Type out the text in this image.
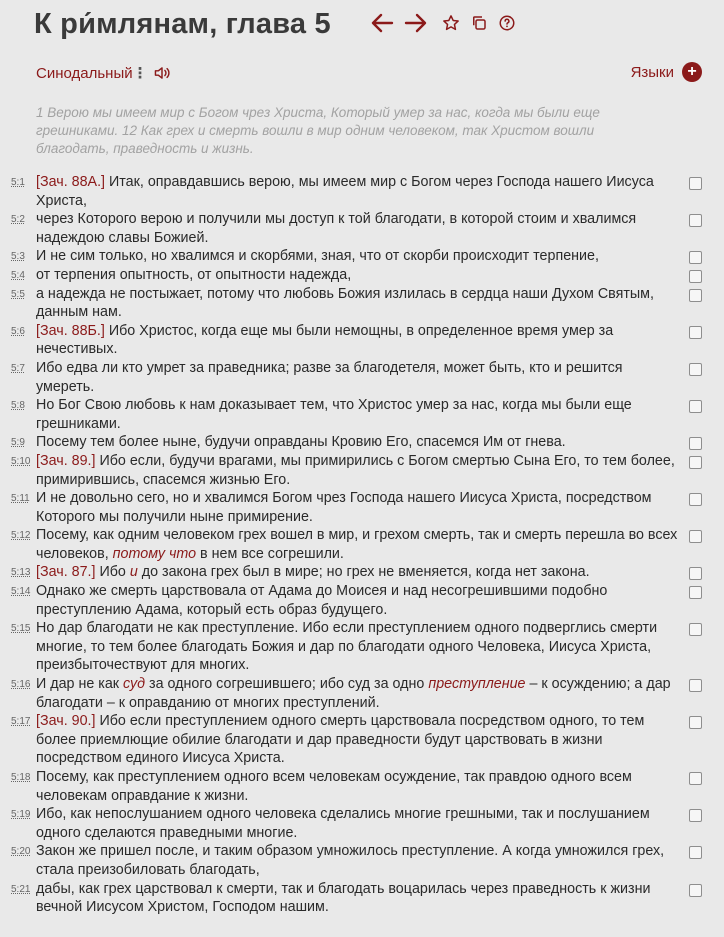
К ри́млянам, глава 5
Синодальный ⋮	Языки +
1 Верою мы имеем мир с Богом чрез Христа, Который умер за нас, когда мы были еще грешниками. 12 Как грех и смерть вошли в мир одним человеком, так Христом вошли благодать, праведность и жизнь.
5:1 [Зач. 88А.] Итак, оправдавшись верою, мы имеем мир с Богом через Господа нашего Иисуса Христа,
5:2 через Которого верою и получили мы доступ к той благодати, в которой стоим и хвалимся надеждою славы Божией.
5:3 И не сим только, но хвалимся и скорбями, зная, что от скорби происходит терпение,
5:4 от терпения опытность, от опытности надежда,
5:5 а надежда не постыжает, потому что любовь Божия излилась в сердца наши Духом Святым, данным нам.
5:6 [Зач. 88Б.] Ибо Христос, когда еще мы были немощны, в определенное время умер за нечестивых.
5:7 Ибо едва ли кто умрет за праведника; разве за благодетеля, может быть, кто и решится умереть.
5:8 Но Бог Свою любовь к нам доказывает тем, что Христос умер за нас, когда мы были еще грешниками.
5:9 Посему тем более ныне, будучи оправданы Кровию Его, спасемся Им от гнева.
5:10 [Зач. 89.] Ибо если, будучи врагами, мы примирились с Богом смертью Сына Его, то тем более, примирившись, спасемся жизнью Его.
5:11 И не довольно сего, но и хвалимся Богом чрез Господа нашего Иисуса Христа, посредством Которого мы получили ныне примирение.
5:12 Посему, как одним человеком грех вошел в мир, и грехом смерть, так и смерть перешла во всех человеков, потому что в нем все согрешили.
5:13 [Зач. 87.] Ибо и до закона грех был в мире; но грех не вменяется, когда нет закона.
5:14 Однако же смерть царствовала от Адама до Моисея и над несогрешившими подобно преступлению Адама, который есть образ будущего.
5:15 Но дар благодати не как преступление. Ибо если преступлением одного подверглись смерти многие, то тем более благодать Божия и дар по благодати одного Человека, Иисуса Христа, преизбыточествуют для многих.
5:16 И дар не как суд за одного согрешившего; ибо суд за одно преступление – к осуждению; а дар благодати – к оправданию от многих преступлений.
5:17 [Зач. 90.] Ибо если преступлением одного смерть царствовала посредством одного, то тем более приемлющие обилие благодати и дар праведности будут царствовать в жизни посредством единого Иисуса Христа.
5:18 Посему, как преступлением одного всем человекам осуждение, так правдою одного всем человекам оправдание к жизни.
5:19 Ибо, как непослушанием одного человека сделались многие грешными, так и послушанием одного сделаются праведными многие.
5:20 Закон же пришел после, и таким образом умножилось преступление. А когда умножился грех, стала преизобиловать благодать,
5:21 дабы, как грех царствовал к смерти, так и благодать воцарилась через праведность к жизни вечной Иисусом Христом, Господом нашим.
